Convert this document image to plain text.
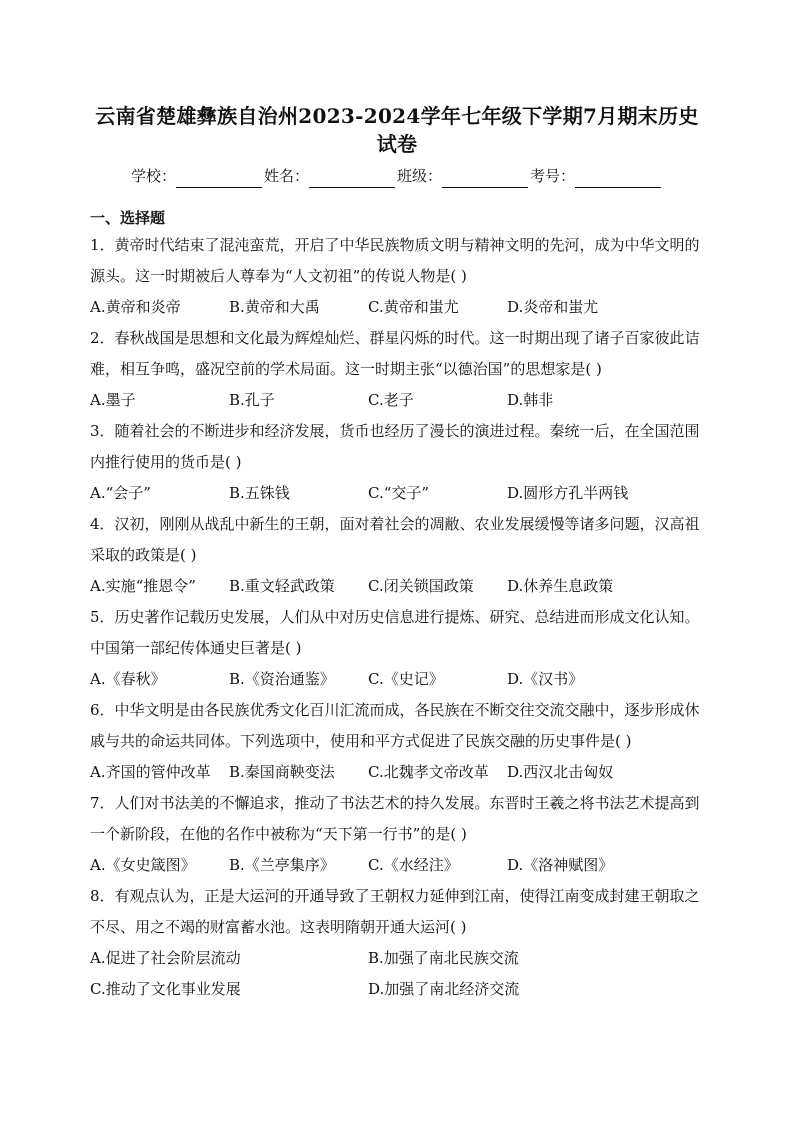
云南省楚雄彝族自治州2023-2024学年七年级下学期7月期末历史试卷
学校：	姓名：	班级：	考号：
一、选择题

1．黄帝时代结束了混沌蛮荒，开启了中华民族物质文明与精神文明的先河，成为中华文明的源头。这一时期被后人尊奉为“人文初祖”的传说人物是( )

A.黄帝和炎帝	B.黄帝和大禹	C.黄帝和蚩尤	D.炎帝和蚩尤

2．春秋战国是思想和文化最为辉煌灿烂、群星闪烁的时代。这一时期出现了诸子百家彼此诘难，相互争鸣，盛况空前的学术局面。这一时期主张“以德治国”的思想家是( )

A.墨子	B.孔子	C.老子	D.韩非

3．随着社会的不断进步和经济发展，货币也经历了漫长的演进过程。秦统一后，在全国范围内推行使用的货币是( )

A.“会子”	B.五铢钱	C.“交子”	D.圆形方孔半两钱

4．汉初，刚刚从战乱中新生的王朝，面对着社会的凋敝、农业发展缓慢等诸多问题，汉高祖采取的政策是( )

A.实施“推恩令”	B.重文轻武政策	C.闭关锁国政策	D.休养生息政策

5．历史著作记载历史发展，人们从中对历史信息进行提炼、研究、总结进而形成文化认知。中国第一部纪传体通史巨著是( )

A.《春秋》	B.《资治通鉴》	C.《史记》	D.《汉书》

6．中华文明是由各民族优秀文化百川汇流而成，各民族在不断交往交流交融中，逐步形成休戚与共的命运共同体。下列选项中，使用和平方式促进了民族交融的历史事件是( )

A.齐国的管仲改革	B.秦国商鞅变法	C.北魏孝文帝改革	D.西汉北击匈奴

7．人们对书法美的不懈追求，推动了书法艺术的持久发展。东晋时王羲之将书法艺术提高到一个新阶段，在他的名作中被称为“天下第一行书”的是( )

A.《女史箴图》	B.《兰亭集序》	C.《水经注》	D.《洛神赋图》

8．有观点认为，正是大运河的开通导致了王朝权力延伸到江南，使得江南变成封建王朝取之不尽、用之不竭的财富蓄水池。这表明隋朝开通大运河( )

A.促进了社会阶层流动	B.加强了南北民族交流
C.推动了文化事业发展	D.加强了南北经济交流
